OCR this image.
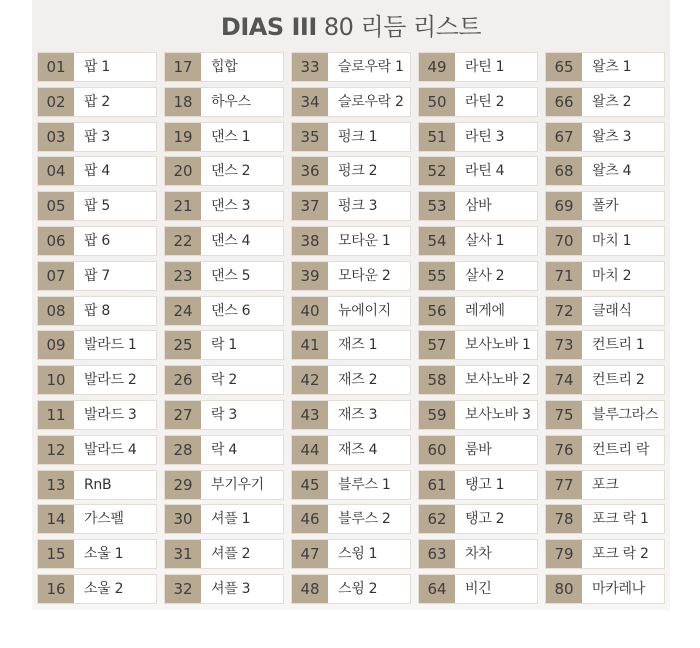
DIAS III 80 리듬 리스트
01	팝 1
02	팝 2
03	팝 3
04	팝 4
05	팝 5
06	팝 6
07	팝 7
08	팝 8
09	발라드 1
10	발라드 2
11	발라드 3
12	발라드 4
13	RnB
14	가스펠
15	소울 1
16	소울 2
17	힙합
18	하우스
19	댄스 1
20	댄스 2
21	댄스 3
22	댄스 4
23	댄스 5
24	댄스 6
25	락 1
26	락 2
27	락 3
28	락 4
29	부기우기
30	셔플 1
31	셔플 2
32	셔플 3
33	슬로우락 1
34	슬로우락 2
35	펑크 1
36	펑크 2
37	펑크 3
38	모타운 1
39	모타운 2
40	뉴에이지
41	재즈 1
42	재즈 2
43	재즈 3
44	재즈 4
45	블루스 1
46	블루스 2
47	스윙 1
48	스윙 2
49	라틴 1
50	라틴 2
51	라틴 3
52	라틴 4
53	삼바
54	살사 1
55	살사 2
56	레게에
57	보사노바 1
58	보사노바 2
59	보사노바 3
60	룸바
61	탱고 1
62	탱고 2
63	차차
64	비긴
65	왈츠 1
66	왈츠 2
67	왈츠 3
68	왈츠 4
69	폴카
70	마치 1
71	마치 2
72	클래식
73	컨트리 1
74	컨트리 2
75	블루그라스
76	컨트리 락
77	포크
78	포크 락 1
79	포크 락 2
80	마카레나
